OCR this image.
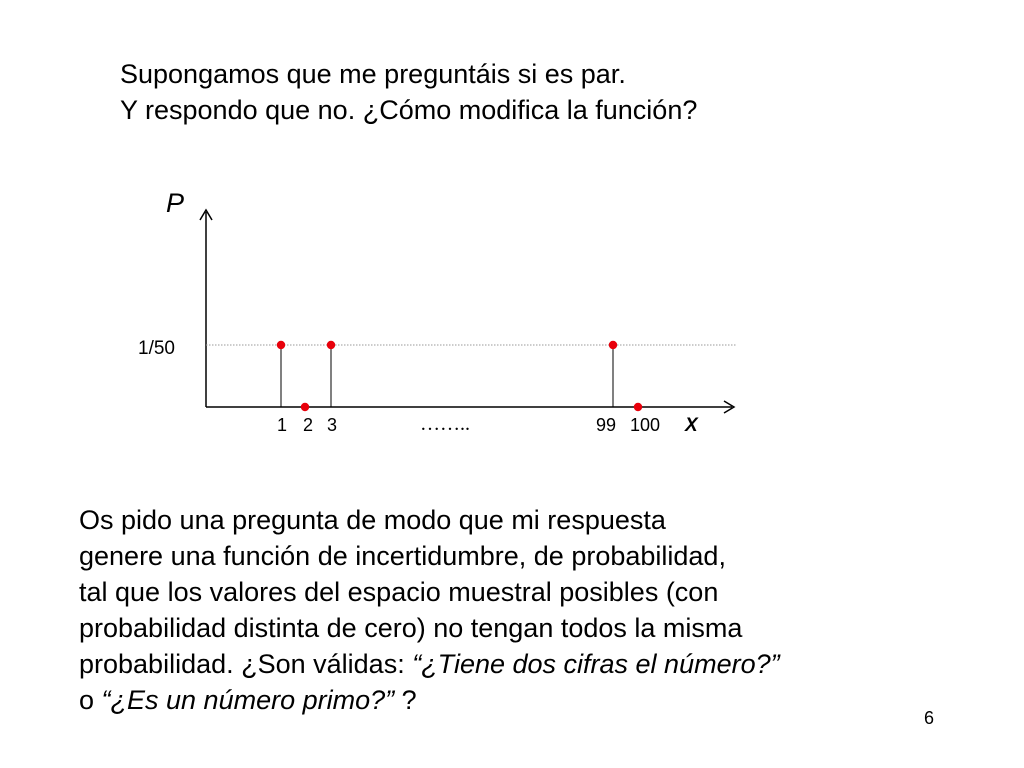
Supongamos que me preguntáis si es par.
Y respondo que no. ¿Cómo modifica la función?
P
X
1/50
……..
1 2 3	99 100
Os pido una pregunta de modo que mi respuesta
genere una función de incertidumbre, de probabilidad,
tal que los valores del espacio muestral posibles (con
probabilidad distinta de cero) no tengan todos la misma
probabilidad. ¿Son válidas: “¿Tiene dos cifras el número?”
o “¿Es un número primo?” ?
6
